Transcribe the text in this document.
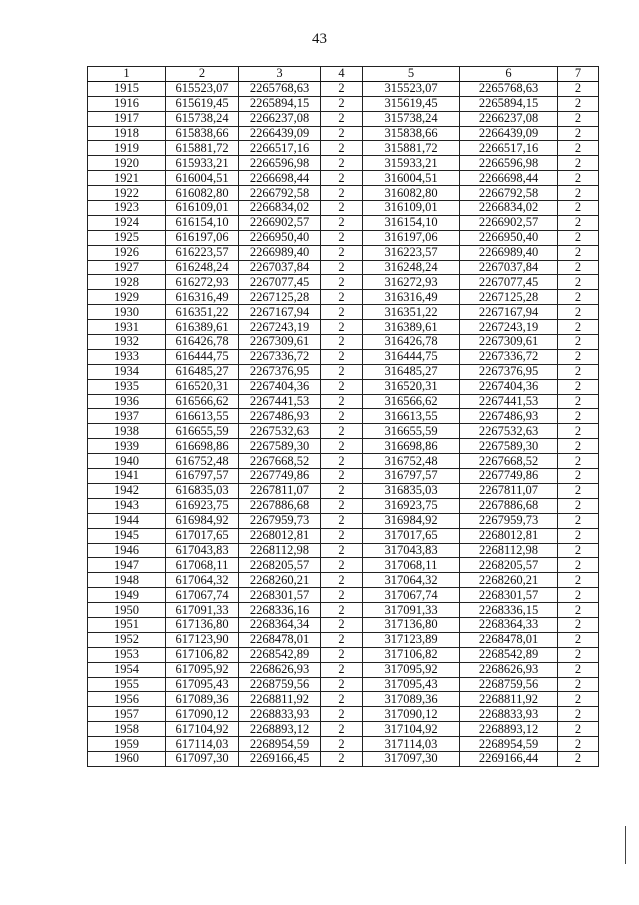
43
1	2	3	4	5	6	7
1915	615523,07	2265768,63	2	315523,07	2265768,63	2
1916	615619,45	2265894,15	2	315619,45	2265894,15	2
1917	615738,24	2266237,08	2	315738,24	2266237,08	2
1918	615838,66	2266439,09	2	315838,66	2266439,09	2
1919	615881,72	2266517,16	2	315881,72	2266517,16	2
1920	615933,21	2266596,98	2	315933,21	2266596,98	2
1921	616004,51	2266698,44	2	316004,51	2266698,44	2
1922	616082,80	2266792,58	2	316082,80	2266792,58	2
1923	616109,01	2266834,02	2	316109,01	2266834,02	2
1924	616154,10	2266902,57	2	316154,10	2266902,57	2
1925	616197,06	2266950,40	2	316197,06	2266950,40	2
1926	616223,57	2266989,40	2	316223,57	2266989,40	2
1927	616248,24	2267037,84	2	316248,24	2267037,84	2
1928	616272,93	2267077,45	2	316272,93	2267077,45	2
1929	616316,49	2267125,28	2	316316,49	2267125,28	2
1930	616351,22	2267167,94	2	316351,22	2267167,94	2
1931	616389,61	2267243,19	2	316389,61	2267243,19	2
1932	616426,78	2267309,61	2	316426,78	2267309,61	2
1933	616444,75	2267336,72	2	316444,75	2267336,72	2
1934	616485,27	2267376,95	2	316485,27	2267376,95	2
1935	616520,31	2267404,36	2	316520,31	2267404,36	2
1936	616566,62	2267441,53	2	316566,62	2267441,53	2
1937	616613,55	2267486,93	2	316613,55	2267486,93	2
1938	616655,59	2267532,63	2	316655,59	2267532,63	2
1939	616698,86	2267589,30	2	316698,86	2267589,30	2
1940	616752,48	2267668,52	2	316752,48	2267668,52	2
1941	616797,57	2267749,86	2	316797,57	2267749,86	2
1942	616835,03	2267811,07	2	316835,03	2267811,07	2
1943	616923,75	2267886,68	2	316923,75	2267886,68	2
1944	616984,92	2267959,73	2	316984,92	2267959,73	2
1945	617017,65	2268012,81	2	317017,65	2268012,81	2
1946	617043,83	2268112,98	2	317043,83	2268112,98	2
1947	617068,11	2268205,57	2	317068,11	2268205,57	2
1948	617064,32	2268260,21	2	317064,32	2268260,21	2
1949	617067,74	2268301,57	2	317067,74	2268301,57	2
1950	617091,33	2268336,16	2	317091,33	2268336,15	2
1951	617136,80	2268364,34	2	317136,80	2268364,33	2
1952	617123,90	2268478,01	2	317123,89	2268478,01	2
1953	617106,82	2268542,89	2	317106,82	2268542,89	2
1954	617095,92	2268626,93	2	317095,92	2268626,93	2
1955	617095,43	2268759,56	2	317095,43	2268759,56	2
1956	617089,36	2268811,92	2	317089,36	2268811,92	2
1957	617090,12	2268833,93	2	317090,12	2268833,93	2
1958	617104,92	2268893,12	2	317104,92	2268893,12	2
1959	617114,03	2268954,59	2	317114,03	2268954,59	2
1960	617097,30	2269166,45	2	317097,30	2269166,44	2
